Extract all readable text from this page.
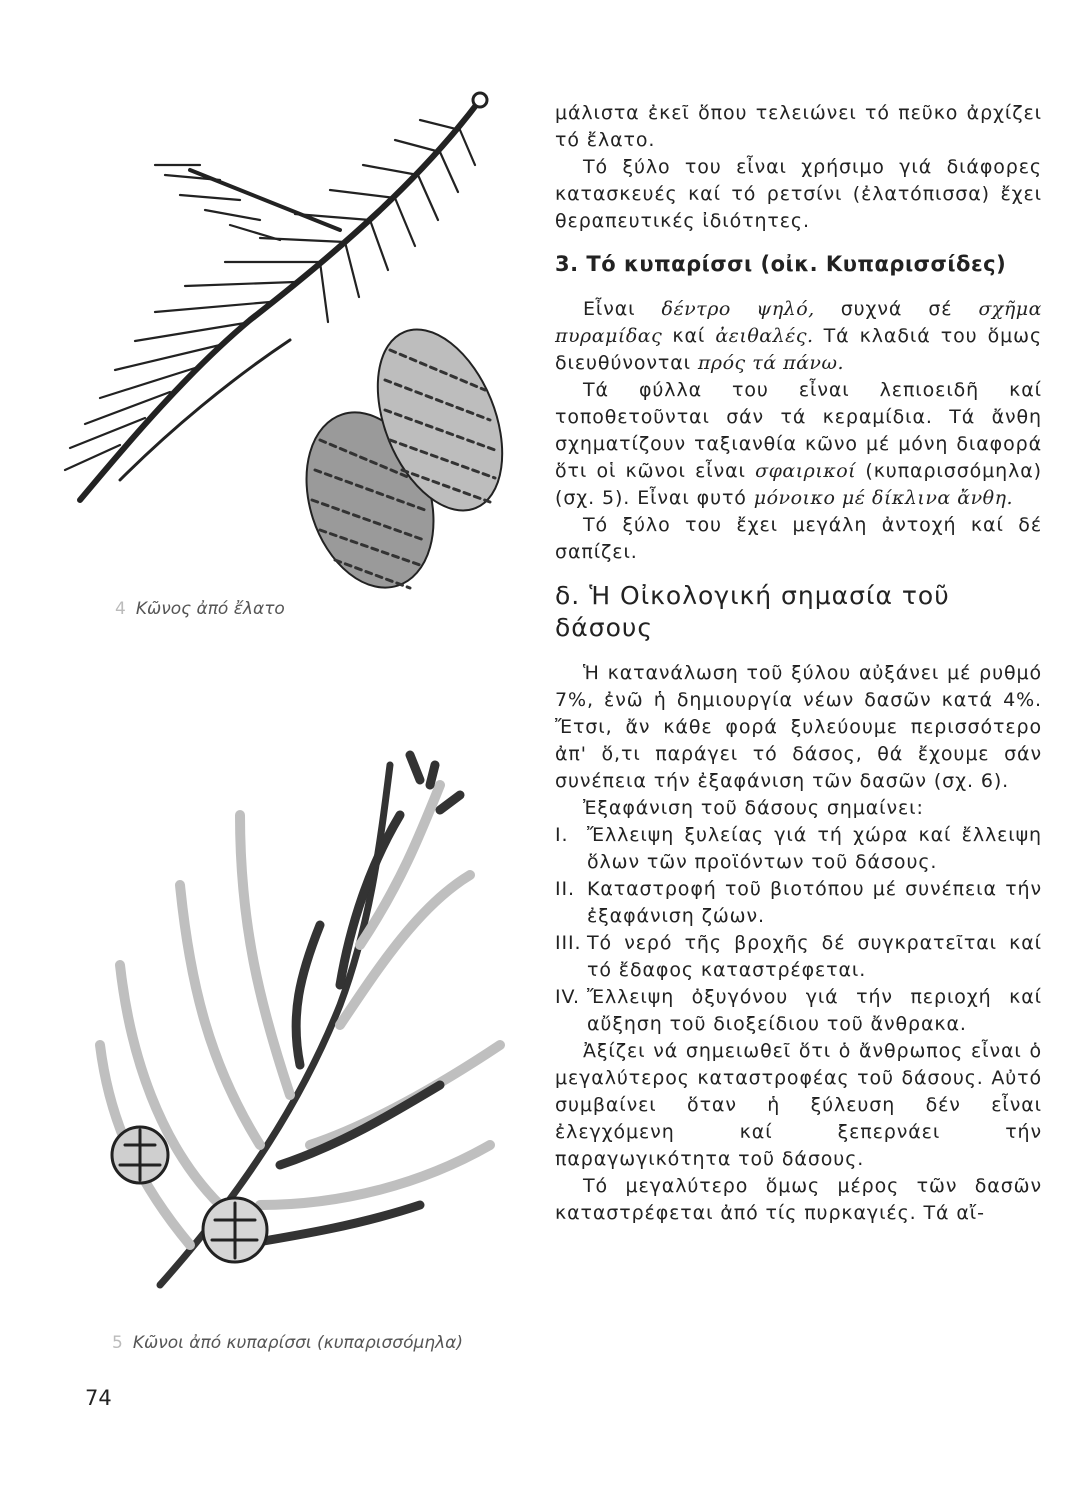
4 Κῶνος ἀπό ἔλατο
5 Κῶνοι ἀπό κυπαρίσσι (κυπαρισσόμηλα)
74

μάλιστα ἐκεῖ ὅπου τελειώνει τό πεῦκο ἀρχίζει τό ἔλατο.

Τό ξύλο του εἶναι χρήσιμο γιά διάφορες κατασκευές καί τό ρετσίνι (ἐλατόπισσα) ἔχει θεραπευτικές ἰδιότητες.

3. Τό κυπαρίσσι (οἰκ. Κυπαρισσίδες)

Εἶναι δέντρο ψηλό, συχνά σέ σχῆμα πυραμίδας καί ἀειθαλές. Τά κλαδιά του ὅμως διευθύνονται πρός τά πάνω.

Τά φύλλα του εἶναι λεπιοειδῆ καί τοποθετοῦνται σάν τά κεραμίδια. Τά ἄνθη σχηματίζουν ταξιανθία κῶνο μέ μόνη διαφορά ὅτι οἱ κῶνοι εἶναι σφαιρικοί (κυπαρισσόμηλα) (σχ. 5). Εἶναι φυτό μόνοικο μέ δίκλινα ἄνθη.

Τό ξύλο του ἔχει μεγάλη ἀντοχή καί δέ σαπίζει.

δ. Ἡ Οἰκολογική σημασία τοῦ δάσους

Ἡ κατανάλωση τοῦ ξύλου αὐξάνει μέ ρυθμό 7%, ἐνῶ ἡ δημιουργία νέων δασῶν κατά 4%. Ἔτσι, ἄν κάθε φορά ξυλεύουμε περισσότερο ἀπ' ὅ,τι παράγει τό δάσος, θά ἔχουμε σάν συνέπεια τήν ἐξαφάνιση τῶν δασῶν (σχ. 6).

Ἐξαφάνιση τοῦ δάσους σημαίνει:

I. Ἔλλειψη ξυλείας γιά τή χώρα καί ἔλλειψη ὅλων τῶν προϊόντων τοῦ δάσους.
II. Καταστροφή τοῦ βιοτόπου μέ συνέπεια τήν ἐξαφάνιση ζώων.
III. Τό νερό τῆς βροχῆς δέ συγκρατεῖται καί τό ἔδαφος καταστρέφεται.
IV. Ἔλλειψη ὀξυγόνου γιά τήν περιοχή καί αὔξηση τοῦ διοξείδιου τοῦ ἄνθρακα.

Ἀξίζει νά σημειωθεῖ ὅτι ὁ ἄνθρωπος εἶναι ὁ μεγαλύτερος καταστροφέας τοῦ δάσους. Αὐτό συμβαίνει ὅταν ἡ ξύλευση δέν εἶναι ἐλεγχόμενη καί ξεπερνάει τήν παραγωγικότητα τοῦ δάσους.

Τό μεγαλύτερο ὅμως μέρος τῶν δασῶν καταστρέφεται ἀπό τίς πυρκαγιές. Τά αἴ-
